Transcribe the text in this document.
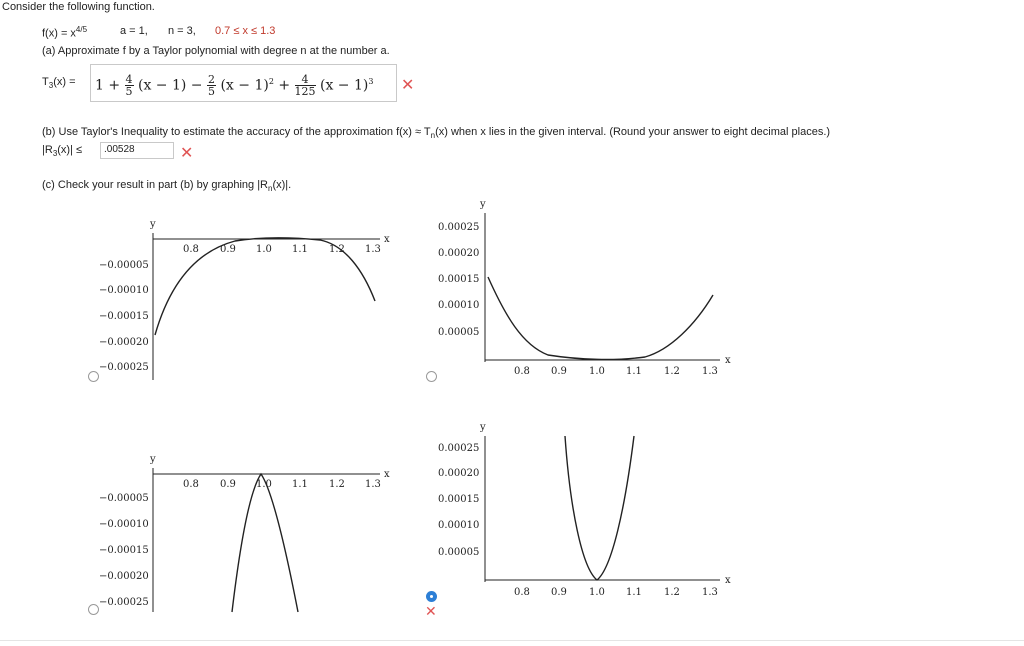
Consider the following function.
$f(x) = x^{4/5}$	a = 1, n = 3, 0.7 ≤ x ≤ 1.3
(a) Approximate f by a Taylor polynomial with degree n at the number a.
$T_3(x) = 1 + \frac{4}{5} (x - 1) - \frac{2}{5} (x - 1)^2 + \frac{4}{125} (x - 1)^3$ ✕
(b) Use Taylor's Inequality to estimate the accuracy of the approximation $f(x) \approx T_n(x)$ when x lies in the given interval. (Round your answer to eight decimal places.)
$|R_3(x)| \le .00528$	✕
(c) Check your result in part (b) by graphing $|R_n(x)|$.
y
x
0.8 0.9 1.0 1.1 1.2 1.3
−0.00005
−0.00010
−0.00015
−0.00020
−0.00025
y
x
0.8 0.9 1.0 1.1 1.2 1.3
0.00025
0.00020
0.00015
0.00010
0.00005
y
x
0.8 0.9 1.0 1.1 1.2 1.3
−0.00005
−0.00010
−0.00015
−0.00020
−0.00025
y
x
0.8 0.9 1.0 1.1 1.2 1.3
0.00025
0.00020
0.00015
0.00010
0.00005
✕
